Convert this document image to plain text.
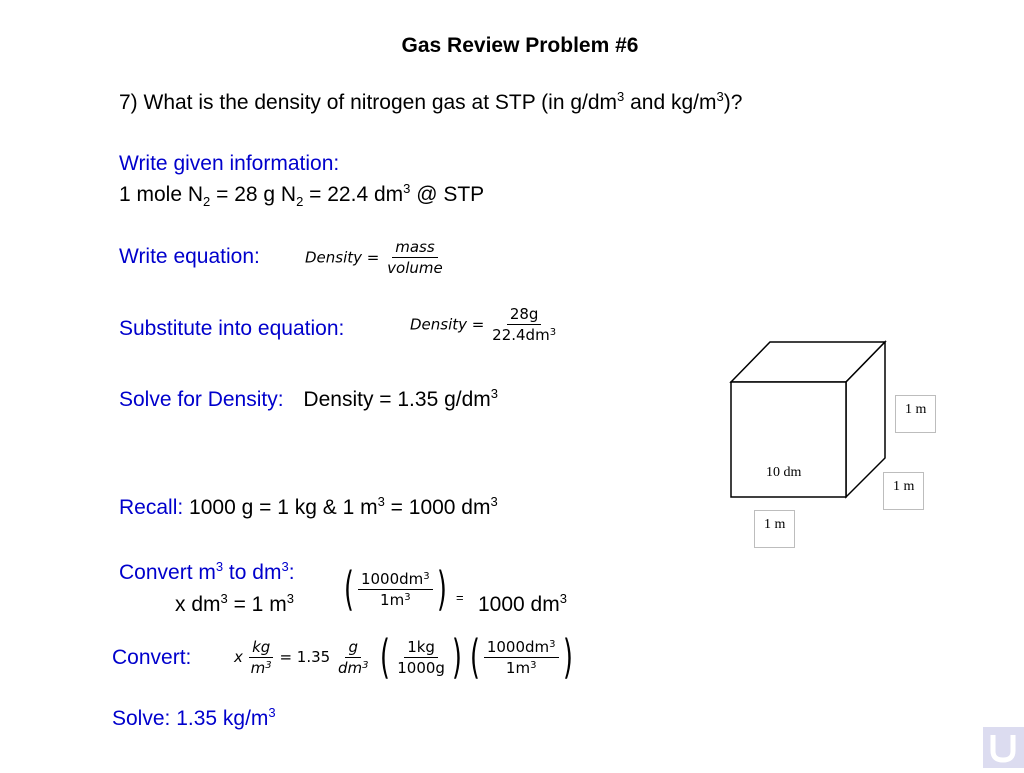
Gas Review Problem #6
7) What is the density of nitrogen gas at STP (in $g/dm^3$ and $kg/m^3$)?
Write given information:
1 mole $N_2 = 28$ g $N_2 = 22.4$ $dm^3$ @ STP
Write equation:	Density = $\frac{\text{mass}}{\text{volume}}$
Substitute into equation:	Density = $\frac{28g}{22.4dm^3}$
Solve for Density: Density = 1.35 $g/dm^3$
10 dm
1 m
1 m
1 m
Recall: 1000 g = 1 kg & 1 $m^3 = 1000$ $dm^3$
Convert $m^3$ to $dm^3$:
x $dm^3 = 1$ $m^3$ ( $\frac{1000dm^3}{1m^3}$ ) = 1000 $dm^3$
Convert:	x $\frac{kg}{m^3} = 1.35 \frac{g}{dm^3}$ ( $\frac{1kg}{1000g}$ ) ( $\frac{1000dm^3}{1m^3}$ )
Solve: 1.35 $kg/m^3$
